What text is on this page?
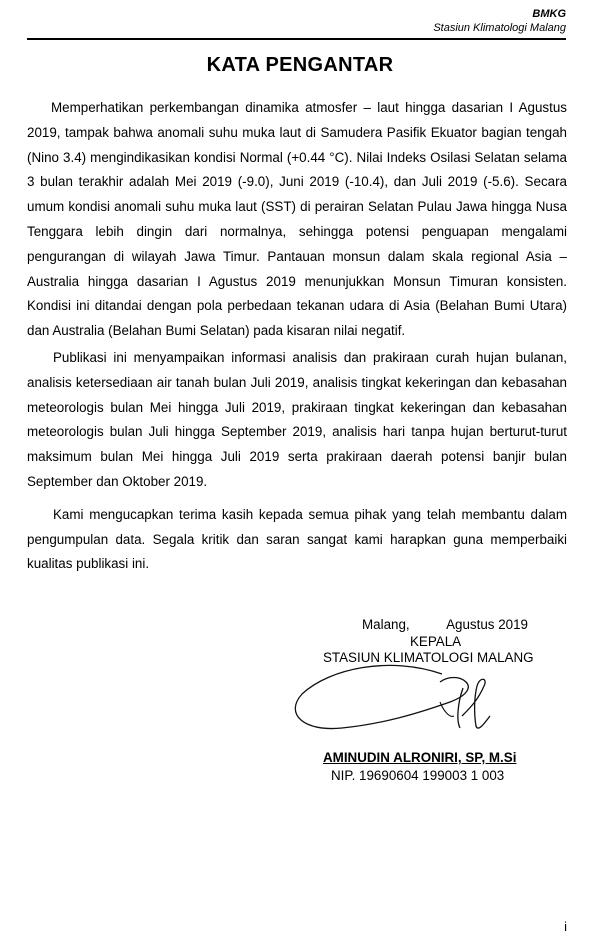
BMKG
Stasiun Klimatologi Malang
KATA PENGANTAR

Memperhatikan perkembangan dinamika atmosfer – laut hingga dasarian I Agustus 2019, tampak bahwa anomali suhu muka laut di Samudera Pasifik Ekuator bagian tengah (Nino 3.4) mengindikasikan kondisi Normal (+0.44 °C). Nilai Indeks Osilasi Selatan selama 3 bulan terakhir adalah Mei 2019 (-9.0), Juni 2019 (-10.4), dan Juli 2019 (-5.6). Secara umum kondisi anomali suhu muka laut (SST) di perairan Selatan Pulau Jawa hingga Nusa Tenggara lebih dingin dari normalnya, sehingga potensi penguapan mengalami pengurangan di wilayah Jawa Timur. Pantauan monsun dalam skala regional Asia – Australia hingga dasarian I Agustus 2019 menunjukkan Monsun Timuran konsisten. Kondisi ini ditandai dengan pola perbedaan tekanan udara di Asia (Belahan Bumi Utara) dan Australia (Belahan Bumi Selatan) pada kisaran nilai negatif.

Publikasi ini menyampaikan informasi analisis dan prakiraan curah hujan bulanan, analisis ketersediaan air tanah bulan Juli 2019, analisis tingkat kekeringan dan kebasahan meteorologis bulan Mei hingga Juli 2019, prakiraan tingkat kekeringan dan kebasahan meteorologis bulan Juli hingga September 2019, analisis hari tanpa hujan berturut-turut maksimum bulan Mei hingga Juli 2019 serta prakiraan daerah potensi banjir bulan September dan Oktober 2019.

Kami mengucapkan terima kasih kepada semua pihak yang telah membantu dalam pengumpulan data. Segala kritik dan saran sangat kami harapkan guna memperbaiki kualitas publikasi ini.

Malang,          Agustus 2019
KEPALA
STASIUN KLIMATOLOGI MALANG
AMINUDIN ALRONIRI, SP, M.Si
NIP. 19690604 199003 1 003
i
